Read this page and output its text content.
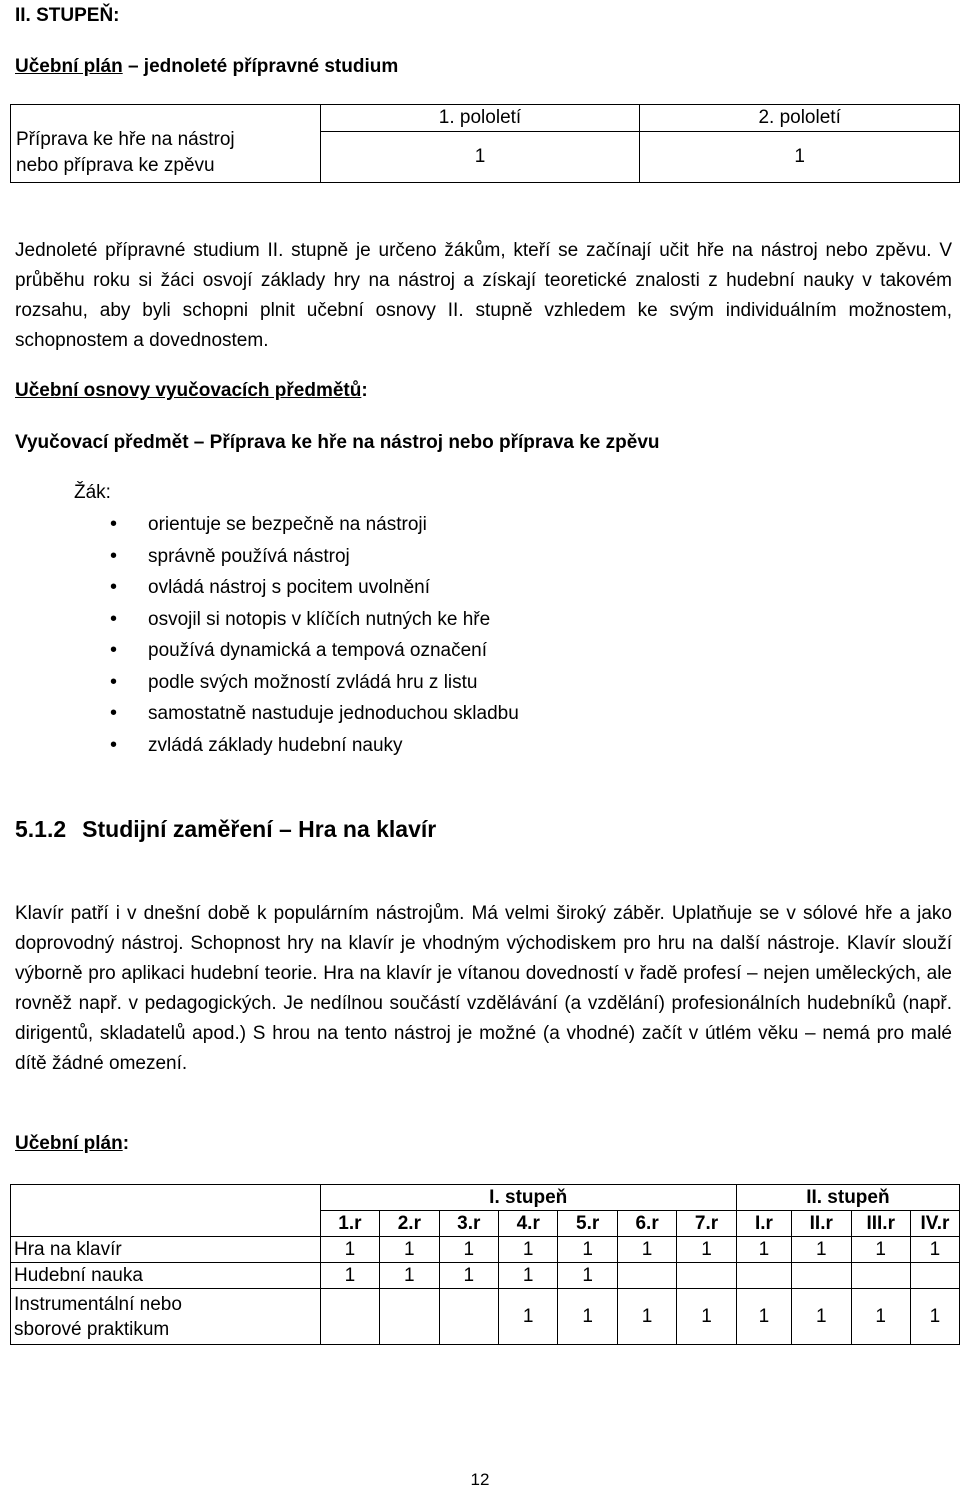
II. STUPEŇ:
Učební plán – jednoleté přípravné studium
Příprava ke hře na nástroj
nebo příprava ke zpěvu	1. pololetí	2. pololetí
	1	1

Jednoleté přípravné studium II. stupně je určeno žákům, kteří se začínají učit hře na nástroj nebo zpěvu. V průběhu roku si žáci osvojí základy hry na nástroj a získají teoretické znalosti z hudební nauky v takovém rozsahu, aby byli schopni plnit učební osnovy II. stupně vzhledem ke svým individuálním možnostem, schopnostem a dovednostem.

Učební osnovy vyučovacích předmětů:
Vyučovací předmět – Příprava ke hře na nástroj nebo příprava ke zpěvu
Žák:
• orientuje se bezpečně na nástroji
• správně používá nástroj
• ovládá nástroj s pocitem uvolnění
• osvojil si notopis v klíčích nutných ke hře
• používá dynamická a tempová označení
• podle svých možností zvládá hru z listu
• samostatně nastuduje jednoduchou skladbu
• zvládá základy hudební nauky
5.1.2 Studijní zaměření – Hra na klavír

Klavír patří i v dnešní době k populárním nástrojům. Má velmi široký záběr. Uplatňuje se v sólové hře a jako doprovodný nástroj. Schopnost hry na klavír je vhodným východiskem pro hru na další nástroje. Klavír slouží výborně pro aplikaci hudební teorie. Hra na klavír je vítanou dovedností v řadě profesí – nejen uměleckých, ale rovněž např. v pedagogických. Je nedílnou součástí vzdělávání (a vzdělání) profesionálních hudebníků (např. dirigentů, skladatelů apod.) S hrou na tento nástroj je možné (a vhodné) začít v útlém věku – nemá pro malé dítě žádné omezení.

Učební plán:
	I. stupeň							II. stupeň			
	1.r	2.r	3.r	4.r	5.r	6.r	7.r	I.r	II.r	III.r	IV.r
Hra na klavír	1	1	1	1	1	1	1	1	1	1	1
Hudební nauka	1	1	1	1	1						

Instrumentální nebo
sborové praktikum				1	1	1	1	1	1	1	1
12
